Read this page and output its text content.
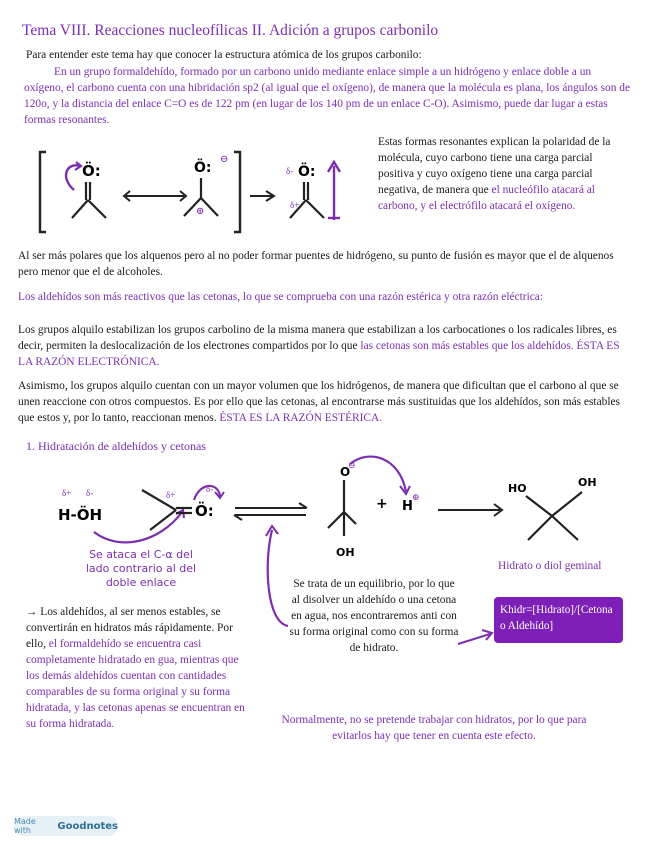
Tema VIII. Reacciones nucleofílicas II. Adición a grupos carbonilo
Para entender este tema hay que conocer la estructura atómica de los grupos carbonilo:
En un grupo formaldehído, formado por un carbono unido mediante enlace simple a un hidrógeno y enlace doble a un oxígeno, el carbono cuenta con una hibridación sp2 (al igual que el oxígeno), de manera que la molécula es plana, los ángulos son de 120o, y la distancia del enlace C=O es de 122 pm (en lugar de los 140 pm de un enlace C-O). Asimismo, puede dar lugar a estas formas resonantes.
Ö:	Ö:
⊖
⊕
δ- Ö:
δ+
Estas formas resonantes explican la polaridad de la molécula, cuyo carbono tiene una carga parcial positiva y cuyo oxígeno tiene una carga parcial negativa, de manera que el nucleófilo atacará al carbono, y el electrófilo atacará el oxígeno.
Al ser más polares que los alquenos pero al no poder formar puentes de hidrógeno, su punto de fusión es mayor que el de alquenos pero menor que el de alcoholes.
Los aldehídos son más reactivos que las cetonas, lo que se comprueba con una razón estérica y otra razón eléctrica:
Los grupos alquilo estabilizan los grupos carbolino de la misma manera que estabilizan a los carbocationes o los radicales libres, es decir, permiten la deslocalización de los electrones compartidos por lo que las cetonas son más estables que los aldehídos. ÉSTA ES LA RAZÓN ELECTRÓNICA.
Asimismo, los grupos alquilo cuentan con un mayor volumen que los hidrógenos, de manera que dificultan que el carbono al que se unen reaccione con otros compuestos. Es por ello que las cetonas, al encontrarse más sustituidas que los aldehídos, son más estables que estos y, por lo tanto, reaccionan menos. ÉSTA ES LA RAZÓN ESTÉRICA.
1. Hidratación de aldehídos y cetonas
δ+ δ-
H-ÖH
δ+
δ-
Ö:
O
⊖
OH
+ H
⊕
HO	OH
Se ataca el C-α del lado contrario al del doble enlace	Se trata de un equilibrio, por lo que al disolver un aldehído o una cetona en agua, nos encontraremos anti con su forma original como con su forma de hidrato.
Hidrato o diol geminal
Khidr=[Hidrato]/[Cetona o Aldehído]
→ Los aldehídos, al ser menos estables, se convertirán en hidratos más rápidamente. Por ello, el formaldehído se encuentra casi completamente hidratado en gua, mientras que los demás aldehídos cuentan con cantidades comparables de su forma original y su forma hidratada, y las cetonas apenas se encuentran en su forma hidratada.	Normalmente, no se pretende trabajar con hidratos, por lo que para evitarlos hay que tener en cuenta este efecto.
Made with	Goodnotes
